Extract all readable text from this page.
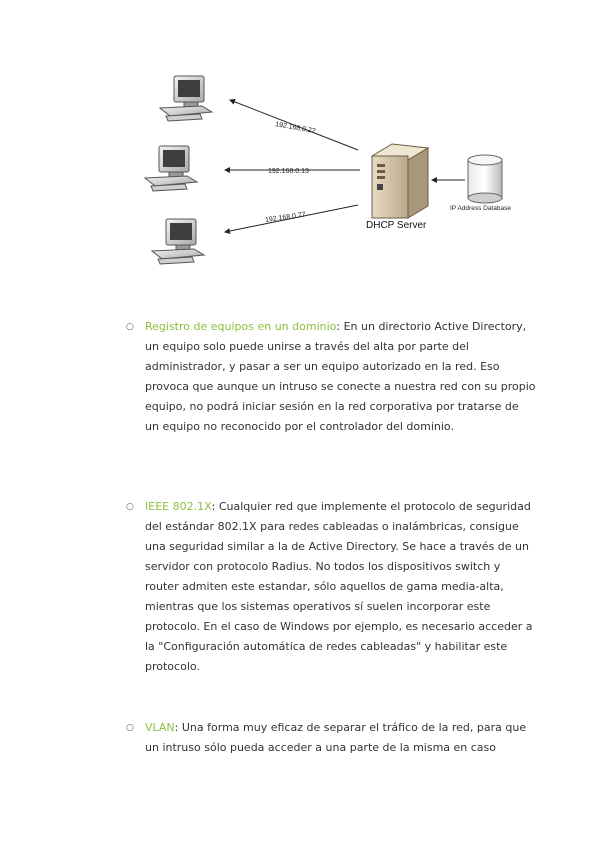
192.168.0.22
192.168.0.13
192.168.0.77
DHCP Server
IP Address Database
○ Registro de equipos en un dominio: En un directorio Active Directory, un equipo solo puede unirse a través del alta por parte del administrador, y pasar a ser un equipo autorizado en la red. Eso provoca que aunque un intruso se conecte a nuestra red con su propio equipo, no podrá iniciar sesión en la red corporativa por tratarse de un equipo no reconocido por el controlador del dominio.
○ IEEE 802.1X: Cualquier red que implemente el protocolo de seguridad del estándar 802.1X para redes cableadas o inalámbricas, consigue una seguridad similar a la de Active Directory. Se hace a través de un servidor con protocolo Radius. No todos los dispositivos switch y router admiten este estandar, sólo aquellos de gama media-alta, mientras que los sistemas operativos sí suelen incorporar este protocolo. En el caso de Windows por ejemplo, es necesario acceder a la "Configuración automática de redes cableadas" y habilitar este protocolo.
○ VLAN: Una forma muy eficaz de separar el tráfico de la red, para que un intruso sólo pueda acceder a una parte de la misma en caso
